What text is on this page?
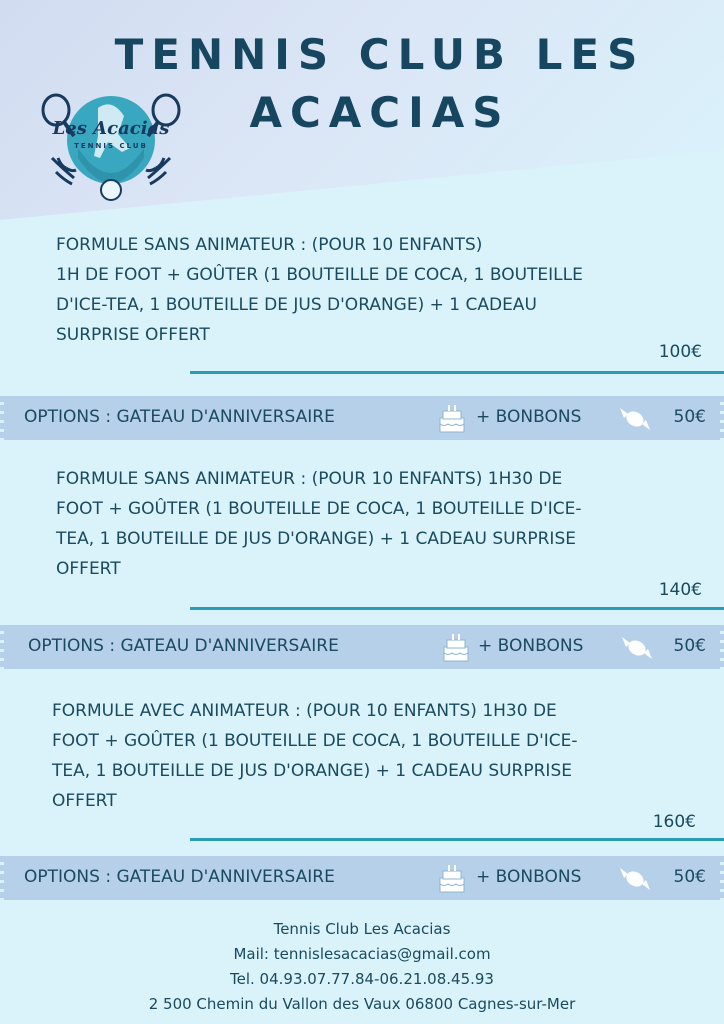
TENNIS CLUB LES
ACACIAS
Les Acacias
TENNIS CLUB
FORMULE SANS ANIMATEUR : (POUR 10 ENFANTS)
1H DE FOOT + GOÛTER (1 BOUTEILLE DE COCA, 1 BOUTEILLE
D'ICE-TEA, 1 BOUTEILLE DE JUS D'ORANGE) + 1 CADEAU
SURPRISE OFFERT
100€
OPTIONS : GATEAU D'ANNIVERSAIRE	+ BONBONS	50€
FORMULE SANS ANIMATEUR : (POUR 10 ENFANTS) 1H30 DE
FOOT + GOÛTER (1 BOUTEILLE DE COCA, 1 BOUTEILLE D'ICE-
TEA, 1 BOUTEILLE DE JUS D'ORANGE) + 1 CADEAU SURPRISE
OFFERT
140€
OPTIONS : GATEAU D'ANNIVERSAIRE	+ BONBONS	50€
FORMULE AVEC ANIMATEUR : (POUR 10 ENFANTS) 1H30 DE
FOOT + GOÛTER (1 BOUTEILLE DE COCA, 1 BOUTEILLE D'ICE-
TEA, 1 BOUTEILLE DE JUS D'ORANGE) + 1 CADEAU SURPRISE
OFFERT
160€
OPTIONS : GATEAU D'ANNIVERSAIRE	+ BONBONS	50€
Tennis Club Les Acacias
Mail: tennislesacacias@gmail.com
Tel. 04.93.07.77.84-06.21.08.45.93
2 500 Chemin du Vallon des Vaux 06800 Cagnes-sur-Mer
